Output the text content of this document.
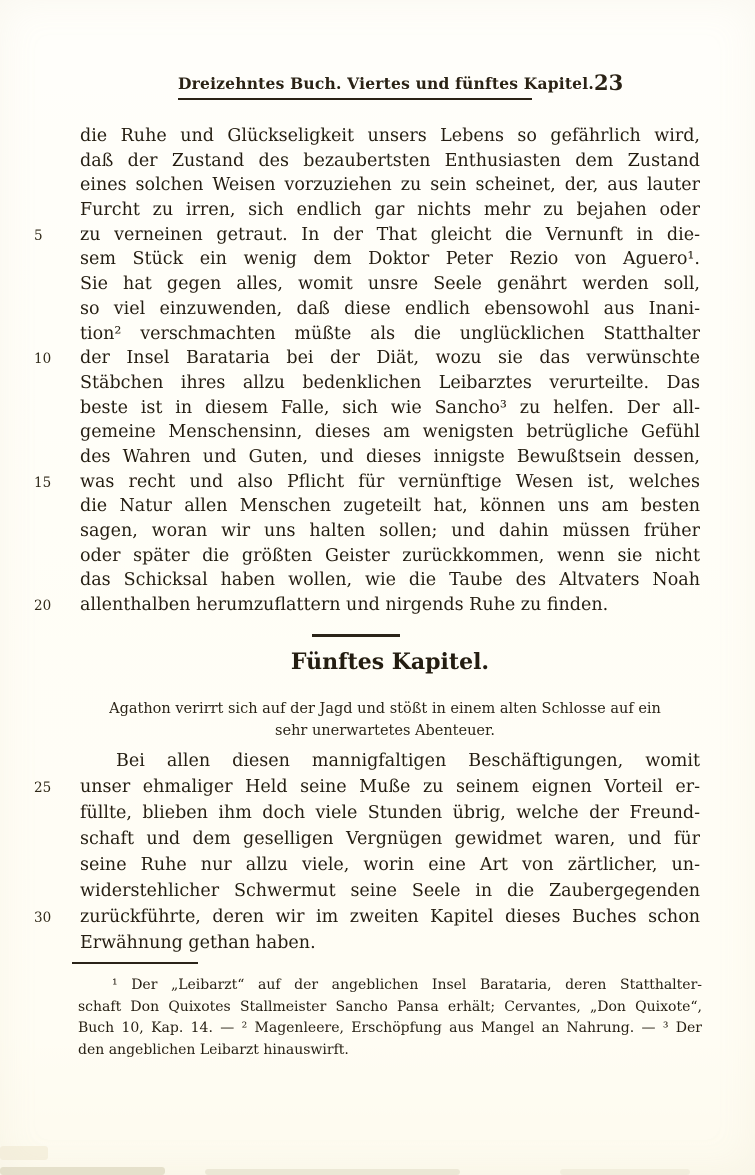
Dreizehntes Buch. Viertes und fünftes Kapitel. 23
die Ruhe und Glückseligkeit unsers Lebens so gefährlich wird,
daß der Zustand des bezaubertsten Enthusiasten dem Zustand
eines solchen Weisen vorzuziehen zu sein scheinet, der, aus lauter
Furcht zu irren, sich endlich gar nichts mehr zu bejahen oder
5	zu verneinen getraut. In der That gleicht die Vernunft in die-
sem Stück ein wenig dem Doktor Peter Rezio von Aguero¹.
Sie hat gegen alles, womit unsre Seele genährt werden soll,
so viel einzuwenden, daß diese endlich ebensowohl aus Inani-
tion² verschmachten müßte als die unglücklichen Statthalter
10	der Insel Barataria bei der Diät, wozu sie das verwünschte
Stäbchen ihres allzu bedenklichen Leibarztes verurteilte. Das
beste ist in diesem Falle, sich wie Sancho³ zu helfen. Der all-
gemeine Menschensinn, dieses am wenigsten betrügliche Gefühl
des Wahren und Guten, und dieses innigste Bewußtsein dessen,
15	was recht und also Pflicht für vernünftige Wesen ist, welches
die Natur allen Menschen zugeteilt hat, können uns am besten
sagen, woran wir uns halten sollen; und dahin müssen früher
oder später die größten Geister zurückkommen, wenn sie nicht
das Schicksal haben wollen, wie die Taube des Altvaters Noah
20	allenthalben herumzuflattern und nirgends Ruhe zu finden.
Fünftes Kapitel.
Agathon verirrt sich auf der Jagd und stößt in einem alten Schlosse auf ein
sehr unerwartetes Abenteuer.
Bei allen diesen mannigfaltigen Beschäftigungen, womit
25	unser ehmaliger Held seine Muße zu seinem eignen Vorteil er-
füllte, blieben ihm doch viele Stunden übrig, welche der Freund-
schaft und dem geselligen Vergnügen gewidmet waren, und für
seine Ruhe nur allzu viele, worin eine Art von zärtlicher, un-
widerstehlicher Schwermut seine Seele in die Zaubergegenden
30	zurückführte, deren wir im zweiten Kapitel dieses Buches schon
Erwähnung gethan haben.
¹ Der „Leibarzt“ auf der angeblichen Insel Barataria, deren Statthalter-
schaft Don Quixotes Stallmeister Sancho Pansa erhält; Cervantes, „Don Quixote“,
Buch 10, Kap. 14. — ² Magenleere, Erschöpfung aus Mangel an Nahrung. — ³ Der
den angeblichen Leibarzt hinauswirft.
